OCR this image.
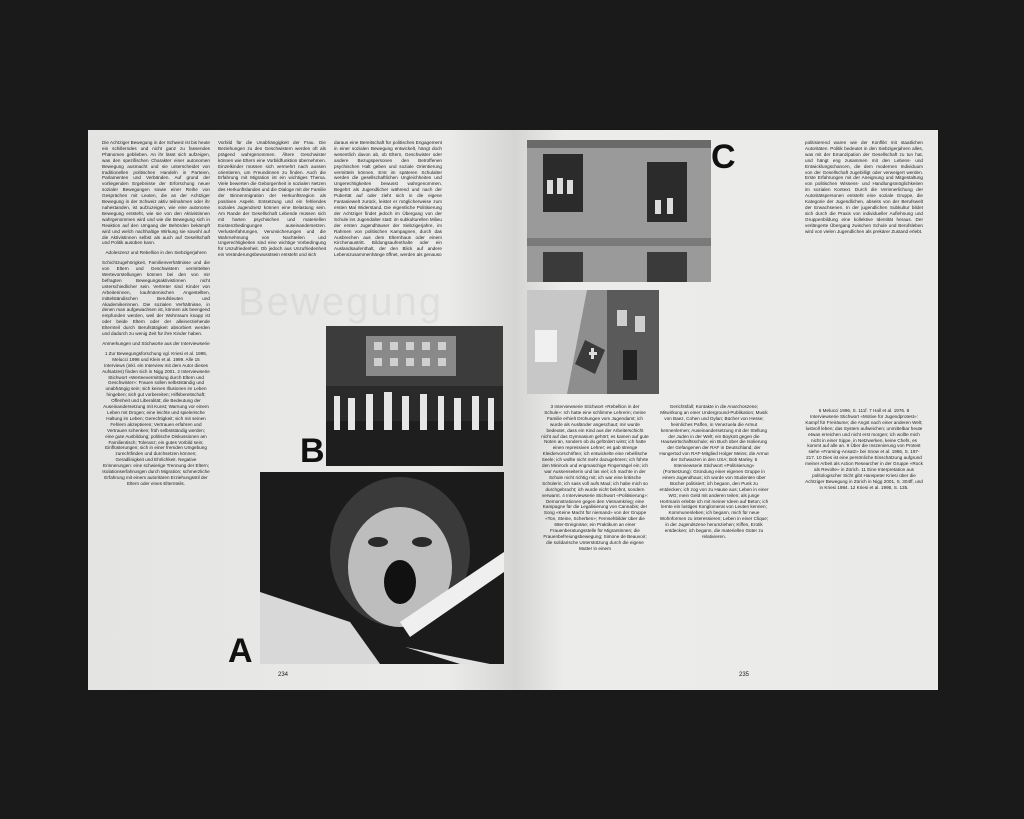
Bewegung

Die Achtziger Bewegung in der Schweiz ist bis heute ein schillerndes und nicht ganz zu fassendes Phänomen geblieben. An ihr lässt sich aufzeigen, was den spezifischen Charakter einer autonomen Bewegung ausmacht und sie unterscheidet von traditionellen politischen Handeln in Parteien, Parlamenten und Verbänden. Auf grund der vorliegenden Ergebnisse der Erforschung neuer sozialer Bewegungen sowie einer Reihe von Gesprächen mit Leuten, die an der Achtziger Bewegung in der Schweiz aktiv teilnahmen oder ihr nahestanden, ist aufzuzeigen, wie eine autonome Bewegung entsteht, wie sie von den Aktivistinnen wahrgenommen wird und wie die Bewegung sich in Reaktion auf den Umgang der Behörden bekämpft wird und welch nachhaltige Wirkung sie sowohl auf die Aktivistinnen selbst als auch auf Gesellschaft und Politik ausüben kann.

Adoleszenz und Rebellion in den Siebzigerjahren

Schichtzugehörigkeit, Familienverhältnisse und die von Eltern und Geschwistern vermittelten Wertevorstellungen können bei den von mir befragten Bewegungsaktivistinnen nicht unterschiedlicher sein. Vertreter sind Kinder von Arbeiterinnen, kaufmännischen Angestellten, mittelständischen Berufsleuten und Akademikerinnen. Die sozialen Verhältnisse, in denen man aufgewachsen ist, können als beengend empfunden werden, weil der Wohnraum knapp ist oder beide Eltern oder der alleinerziehende Elternteil durch Berufstätigkeit absorbiert werden und dadurch zu wenig Zeit für ihre Kinder haben.

Anmerkungen und Stichworte aus der Interviewserie

1 Zur Bewegungsforschung vgl. Kriesi et al. 1995, Melucci 1996 und Klein et al. 1999. Alle 15 Interviews (inkl. ein Interview mit dem Autor dieses Aufsatzes) finden sich in Nigg 2001. 2 Interviewserie Stichwort «Werteevermittlung durch Eltern und Geschwister»: Frauen sollen selbstständig und unabhängig sein; sich keinen Illusionen im Leben hingeben; sich gut vorbereiten; Hilfsbereitschaft; Offenheit und Liberalität; die Bedeutung der Auseinandersetzung mit Kunst; Warnung vor einem Leben mit Drogen; eine leichte und spielerische Haltung im Leben; Gerechtigkeit; sich mit seinen Fehlern akzeptieren; Vertrauen erfahren und Vertrauen schenken; früh selbstständig werden; eine gute Ausbildung; politische Diskussionen am Familientisch; Toleranz; ein gutes Vorbild sein; Einflüsterungen; sich in einer fremden Umgebung zurechtfinden und durchsetzen können; Geradlinigkeit und Ehrlichkeit. Negative Erinnerungen: eine schwierige Trennung der Eltern; Isolationserfahrungen durch Migration; schmerzliche Erfahrung mit einem autoritären Erziehungsstil der Eltern oder eines Elternteils.

Vorbild für die Unabhängigkeit der Frau. Die Beziehungen zu den Geschwistern werden oft als prägend wahrgenommen. Ältere Geschwister können wie Eltern eine Vorbildfunktion übernehmen. Einzelkinder müssen sich vermehrt nach aussen orientieren, um Freundinnen zu finden. Auch die Erfahrung mit Migration ist ein wichtiges Thema. Viele bewerten die Geborgenheit in sozialen Netzen des Herkunftslandes und die Dialoge mit der Familie der Binnenmigration der Herkunftsregion als positiven Aspekt. Entsetzung und ein fehlendes soziales Jugendnetz können eine Belastung sein. Am Rande der Gesellschaft Lebende müssen sich mit harten psychischen und materiellen Existenzbedingungen auseinandersetzen. Verlusterfahrungen, Verunsicherungen und die Wahrnehmung von Nachteilen und Ungerechtigkeiten sind eine wichtige Vorbedingung für Unzufriedenheit. Ob jedoch aus Unzufriedenheit ein Veränderungsbewusstsein entsteht und sich

daraus eine Bereitschaft für politisches Engagement in einer sozialen Bewegung entwickelt, hängt doch wesentlich davon ab, ob Eltern, Geschwister oder andere Bezugspersonen den Betroffenen psychischen Halt geben und soziale Orientierung vermitteln können. Erst im späteren Schulalter werden die gesellschaftlichen Ungleichheiten und Ungerechtigkeiten bewusst wahrgenommen. Begehrt als Jugendlicher während und nach der Pubertät auf oder zieht sich in die eigene Fantasiewelt zurück, leistet er möglicherweise zum ersten Mal Widerstand. Die eigentliche Politisierung der Achtziger findet jedoch im Übergang von der Schule ins Jugendalter statt: im subkulturellen Milieu der ersten Jugendhäuser der Siebzigerjahre, im Rahmen von politischen Kampagnen, durch das Ausbrechen aus dem Elternhaus oder einem Kirchenaustritt. Bildungsaufenthalte oder ein Auslandsaufenthalt, der den Blick auf andere Lebenszusammenhänge öffnet, werden als genauso

B
A
234
C

3 Interviewserie Stichwort «Rebellion in der Schule»: Ich hatte eine schlimme Lehrerin; meine Familie erhielt Drohungen vom Jugendamt; ich wurde als Ausländer angeschaut; mir wurde bedeutet, dass ein Kind aus der Arbeiterschicht nicht auf das Gymnasium gehört; es kamen auf gute Noten an, sondern ob du gefördert wirst; ich hatte einen repressiven Lehrer; es gab strenge Kleidervorschriften; ich entwickelte eine rebellische Seele; ich wollte nicht mehr dazugehören; ich führte den Minirock und engmaschige Fingernägel ein; ich war Aussenseiterin und las viel; ich machte in der Schule nicht richtig mit; ich war eine kritische Schülerin; ich sass voll aufs Maul; ich habe mich so durchgebracht; ich wurde nicht belohnt, sondern verwarnt. 4 Interviewserie Stichwort «Politisierung»: Demonstrationen gegen den Vietnamkrieg; eine Kampagne für die Legalisierung von Cannabis; der Song «Keine Macht für niemand» von der Gruppe «Ton, Steine, Scherben»; Fernsehbilder über die 68er-Ereignisse; ein Praktikum an einer Frauenberatungsstelle für Migrantinnen; die Frauenbefreiungsbewegung; Simone de Beauvoir; die solidarische Unterstützung durch die eigene Mutter in einem

Gerichtsfall; Kontakte in die Anarchoszene; Mitwirkung an einer Underground-Publikation; Musik von Baez, Cohen und Dylan; Bücher von Hesse; heimliches Paffen, in Venezuela die Armut kennenlernen; Auseinandersetzung mit der Stellung der Juden in der Welt; ein Boykott gegen die Hauswirtschaftsschule; ein Buch über die Isolierung der Gefangenen der RAF in Deutschland; der Hungertod von RAF-Mitglied Holger Meins; die Armut der Schwarzen in den USA; Bob Marley. 5 Interviewserie Stichwort «Politisierung» (Fortsetzung): Gründung einer eigenen Gruppe in einem Jugendhaus; ich wurde von Studenten über Bücher politisiert; ich begann, den Punk zu entdecken; ich zog von zu Hause aus; Leben in einer WG; mein Geld mit anderen teilen; als junge Hortmarin erlebte ich mit meiner Ideen auf Beton; ich lernte ein lustiges Konglomerat von Leuten kennen; Kommunenleben; ich begann, mich für neue Wohnformen zu interessieren; Leben in einer Clique; in der Jugendszene herumziehen; Kiffen, Erotik entdecken; ich begann, die materiellen Güter zu relativieren.

politisierend waren wie der Konflikt mit staatlichen Autoritäten. Politik bedeutet in den Siebzigerjahren alles, was mit der Emanzipation der Gesellschaft zu tun hat, und hängt eng zusammen mit den Lebens- und Entwicklungschancen, die dem modernen Individuum von der Gesellschaft zugebilligt oder verweigert werden. Erste Erfahrungen mit der Aneignung und Mitgestaltung von politischen Wissens- und Handlungsmöglichkeiten im sozialen Kontext. Durch die Verinnerlichung der Autoritätspersonen entsteht eine soziale Gruppe, die Kategorie der Jugendlichen, abseits von der Berufswelt der Erwachsenen. In der jugendlichen Subkultur bildet sich durch die Praxis von individueller Auflehnung und Gruppenbildung eine kollektive Identität heraus. Der verlängerte Übergang zwischen Schule und Berufsleben wird von vielen Jugendlichen als prekärer Zustand erlebt.

6 Melucci 1996, S. 111f. 7 Hall et al. 1976. 8 Interviewserie Stichwort «Motive für Jugendprotest»: Kampf für Freiräume; die Angst nach einer anderen Welt; lustvoll leben; das System aufweichen; unmittelbar heute etwas erreichen und nicht erst morgen; ich wollte mich nicht in einer Sippe, in Netzwerken, keine Chefs, es kommt auf alle an. 9 Über die Inszenierung von Protest siehe «Framing-Ansatz» bei Snow et al. 1986, S. 197-217. 10 Dies ist eine persönliche Einschätzung aufgrund meiner Arbeit als Action Researcher in der Gruppe «Rock als Revolte» in Zürich. 11 Eine Interpretation aus politologischer Sicht gibt Hanspeter Kriesi über die Achtziger Bewegung in Zürich in Nigg 2001, S. 304ff, und in Kriesi 1984. 12 Kriesi et al. 1995, S. 135.

235
